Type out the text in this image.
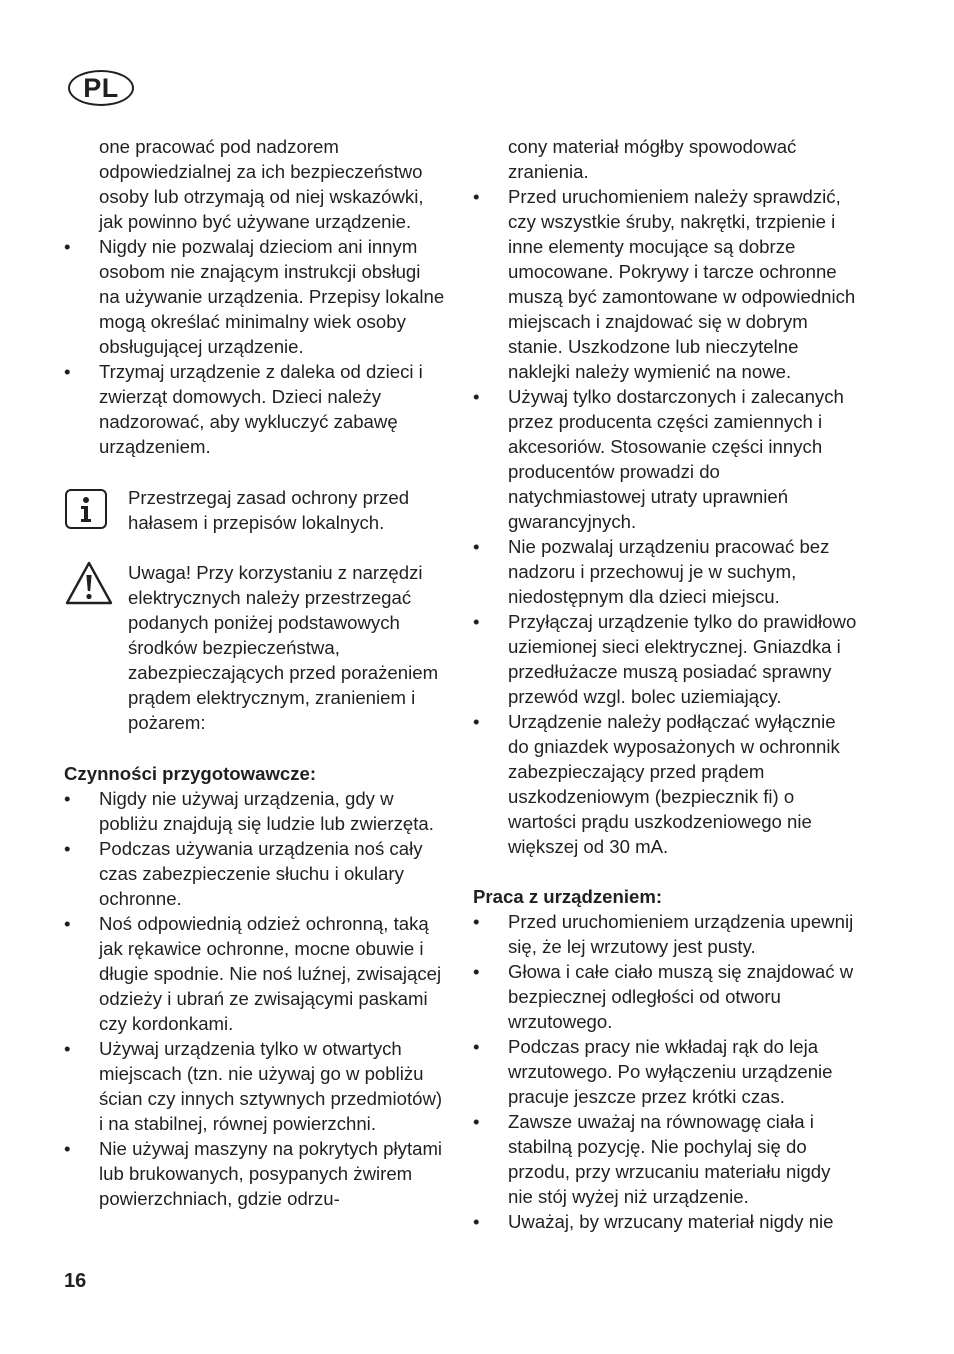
PL

one pracować pod nadzorem odpowiedzialnej za ich bezpieczeństwo osoby lub otrzymają od niej wskazówki, jak powinno być używane urządzenie.

• Nigdy nie pozwalaj dzieciom ani innym osobom nie znającym instrukcji obsługi na używanie urządzenia. Przepisy lokalne mogą określać minimalny wiek osoby obsługującej urządzenie.
• Trzymaj urządzenie z daleka od dzieci i zwierząt domowych. Dzieci należy nadzorować, aby wykluczyć zabawę urządzeniem.
Przestrzegaj zasad ochrony przed hałasem i przepisów lokalnych.
Uwaga! Przy korzystaniu z narzędzi elektrycznych należy przestrzegać podanych poniżej podstawowych środków bezpieczeństwa, zabezpieczających przed porażeniem prądem elektrycznym, zranieniem i pożarem:
Czynności przygotowawcze:
• Nigdy nie używaj urządzenia, gdy w pobliżu znajdują się ludzie lub zwierzęta.
• Podczas używania urządzenia noś cały czas zabezpieczenie słuchu i okulary ochronne.
• Noś odpowiednią odzież ochronną, taką jak rękawice ochronne, mocne obuwie i długie spodnie. Nie noś luźnej, zwisającej odzieży i ubrań ze zwisającymi paskami czy kordonkami.
• Używaj urządzenia tylko w otwartych miejscach (tzn. nie używaj go w pobliżu ścian czy innych sztywnych przedmiotów) i na stabilnej, równej powierzchni.
• Nie używaj maszyny na pokrytych płytami lub brukowanych, posypanych żwirem powierzchniach, gdzie odrzu-

cony materiał mógłby spowodować zranienia.

• Przed uruchomieniem należy sprawdzić, czy wszystkie śruby, nakrętki, trzpienie i inne elementy mocujące są dobrze umocowane. Pokrywy i tarcze ochronne muszą być zamontowane w odpowiednich miejscach i znajdować się w dobrym stanie. Uszkodzone lub nieczytelne naklejki należy wymienić na nowe.
• Używaj tylko dostarczonych i zalecanych przez producenta części zamiennych i akcesoriów. Stosowanie części innych producentów prowadzi do natychmiastowej utraty uprawnień gwarancyjnych.
• Nie pozwalaj urządzeniu pracować bez nadzoru i przechowuj je w suchym, niedostępnym dla dzieci miejscu.
• Przyłączaj urządzenie tylko do prawidłowo uziemionej sieci elektrycznej. Gniazdka i przedłużacze muszą posiadać sprawny przewód wzgl. bolec uziemiający.
• Urządzenie należy podłączać wyłącznie do gniazdek wyposażonych w ochronnik zabezpieczający przed prądem uszkodzeniowym (bezpiecznik fi) o wartości prądu uszkodzeniowego nie większej od 30 mA.
Praca z urządzeniem:
• Przed uruchomieniem urządzenia upewnij się, że lej wrzutowy jest pusty.
• Głowa i całe ciało muszą się znajdować w bezpiecznej odległości od otworu wrzutowego.
• Podczas pracy nie wkładaj rąk do leja wrzutowego. Po wyłączeniu urządzenie pracuje jeszcze przez krótki czas.
• Zawsze uważaj na równowagę ciała i stabilną pozycję. Nie pochylaj się do przodu, przy wrzucaniu materiału nigdy nie stój wyżej niż urządzenie.
• Uważaj, by wrzucany materiał nigdy nie
16
